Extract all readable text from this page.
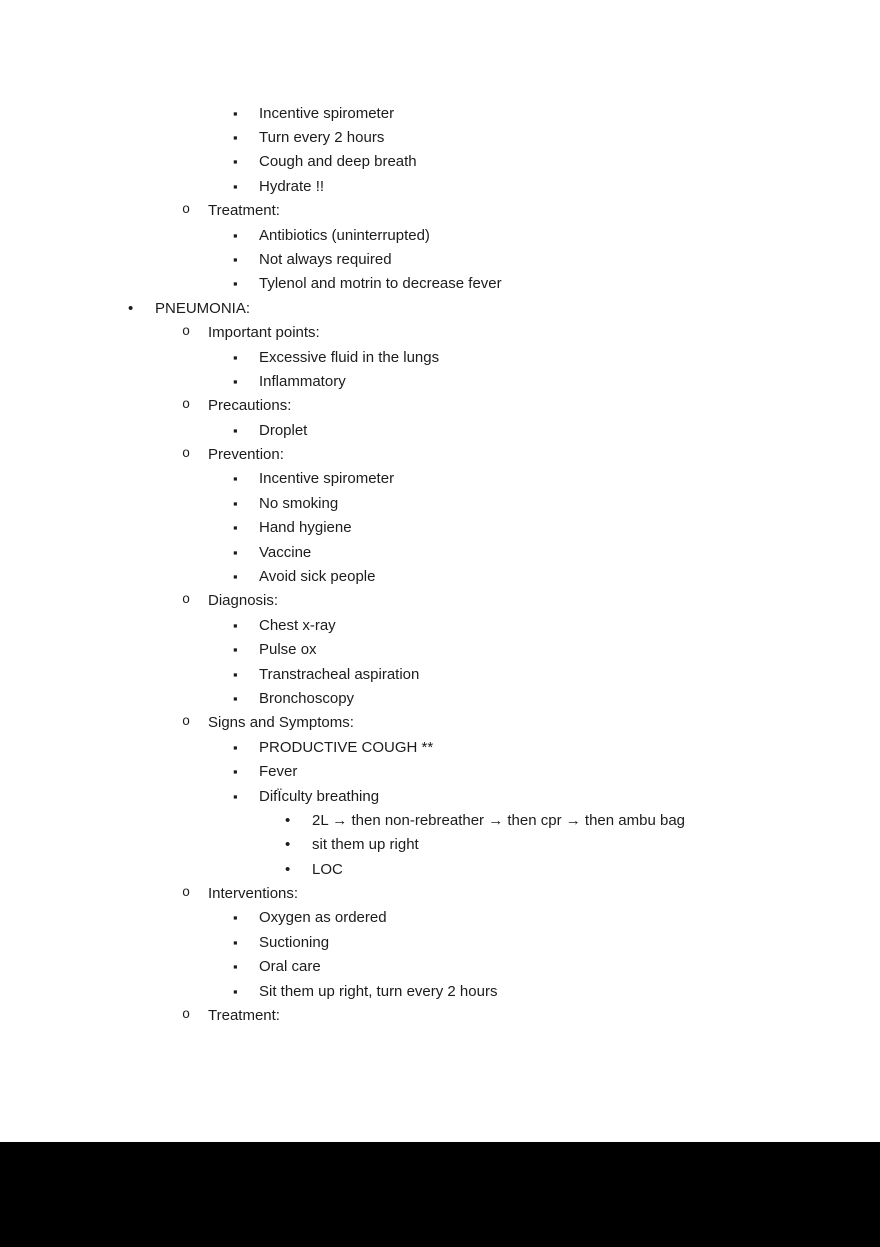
▪ Incentive spirometer
▪ Turn every 2 hours
▪ Cough and deep breath
▪ Hydrate !!
o Treatment:
▪ Antibiotics (uninterrupted)
▪ Not always required
▪ Tylenol and motrin to decrease fever
• PNEUMONIA:
o Important points:
▪ Excessive fluid in the lungs
▪ Inflammatory
o Precautions:
▪ Droplet
o Prevention:
▪ Incentive spirometer
▪ No smoking
▪ Hand hygiene
▪ Vaccine
▪ Avoid sick people
o Diagnosis:
▪ Chest x-ray
▪ Pulse ox
▪ Transtracheal aspiration
▪ Bronchoscopy
o Signs and Symptoms:
▪ PRODUCTIVE COUGH **
▪ Fever
▪ DifÏculty breathing
• 2L → then non-rebreather → then cpr → then ambu bag
• sit them up right
• LOC
o Interventions:
▪ Oxygen as ordered
▪ Suctioning
▪ Oral care
▪ Sit them up right, turn every 2 hours
o Treatment:
